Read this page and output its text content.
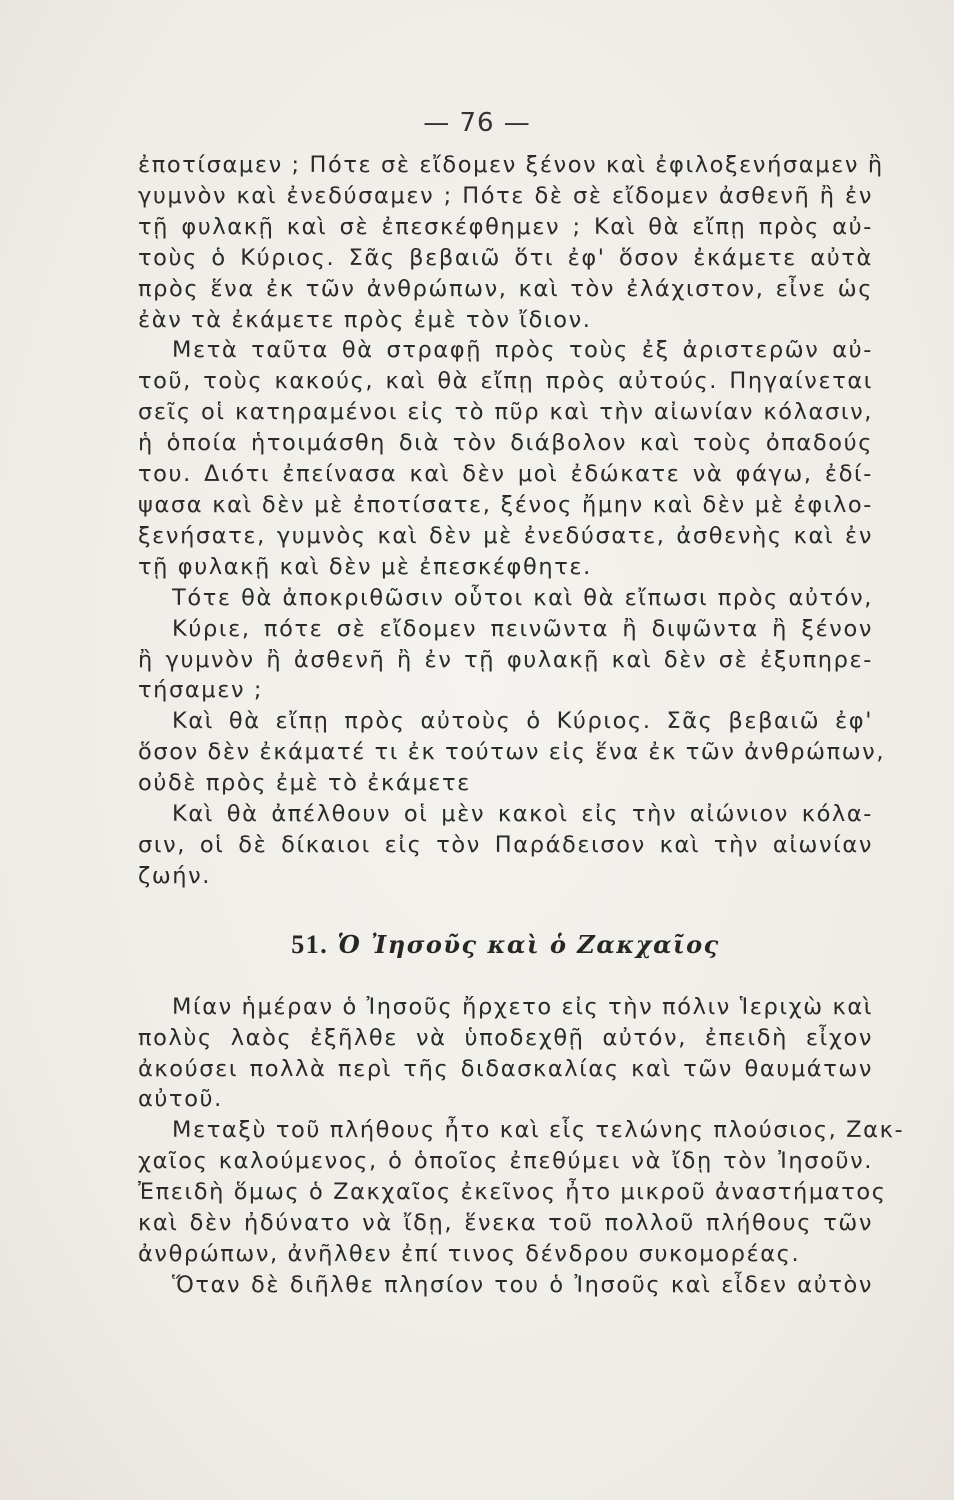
— 76 —
ἐποτίσαμεν ; Πότε σὲ εἴδομεν ξένον καὶ ἐφιλοξενήσαμεν ἢ
γυμνὸν καὶ ἐνεδύσαμεν ; Πότε δὲ σὲ εἴδομεν ἀσθενῆ ἢ ἐν
τῇ φυλακῇ καὶ σὲ ἐπεσκέφθημεν ; Καὶ θὰ εἴπῃ πρὸς αὐ-
τοὺς ὁ Κύριος. Σᾶς βεβαιῶ ὅτι ἐφ' ὅσον ἐκάμετε αὐτὰ
πρὸς ἕνα ἐκ τῶν ἀνθρώπων, καὶ τὸν ἐλάχιστον, εἶνε ὡς
ἐὰν τὰ ἐκάμετε πρὸς ἐμὲ τὸν ἴδιον.
Μετὰ ταῦτα θὰ στραφῇ πρὸς τοὺς ἐξ ἀριστερῶν αὐ-
τοῦ, τοὺς κακούς, καὶ θὰ εἴπῃ πρὸς αὐτούς. Πηγαίνεται
σεῖς οἱ κατηραμένοι εἰς τὸ πῦρ καὶ τὴν αἰωνίαν κόλασιν,
ἡ ὁποία ἡτοιμάσθη διὰ τὸν διάβολον καὶ τοὺς ὀπαδούς
του. Διότι ἐπείνασα καὶ δὲν μοὶ ἐδώκατε νὰ φάγω, ἐδί-
ψασα καὶ δὲν μὲ ἐποτίσατε, ξένος ἤμην καὶ δὲν μὲ ἐφιλο-
ξενήσατε, γυμνὸς καὶ δὲν μὲ ἐνεδύσατε, ἀσθενὴς καὶ ἐν
τῇ φυλακῇ καὶ δὲν μὲ ἐπεσκέφθητε.
Τότε θὰ ἀποκριθῶσιν οὗτοι καὶ θὰ εἴπωσι πρὸς αὐτόν,
Κύριε, πότε σὲ εἴδομεν πεινῶντα ἢ διψῶντα ἢ ξένον
ἢ γυμνὸν ἢ ἀσθενῆ ἢ ἐν τῇ φυλακῇ καὶ δὲν σὲ ἐξυπηρε-
τήσαμεν ;
Καὶ θὰ εἴπῃ πρὸς αὐτοὺς ὁ Κύριος. Σᾶς βεβαιῶ ἐφ'
ὅσον δὲν ἐκάματέ τι ἐκ τούτων εἰς ἕνα ἐκ τῶν ἀνθρώπων,
οὐδὲ πρὸς ἐμὲ τὸ ἐκάμετε
Καὶ θὰ ἀπέλθουν οἱ μὲν κακοὶ εἰς τὴν αἰώνιον κόλα-
σιν, οἱ δὲ δίκαιοι εἰς τὸν Παράδεισον καὶ τὴν αἰωνίαν
ζωήν.
51. Ὁ Ἰησοῦς καὶ ὁ Ζακχαῖος
Μίαν ἡμέραν ὁ Ἰησοῦς ἤρχετο εἰς τὴν πόλιν Ἱεριχὼ καὶ
πολὺς λαὸς ἐξῆλθε νὰ ὑποδεχθῇ αὐτόν, ἐπειδὴ εἶχον
ἀκούσει πολλὰ περὶ τῆς διδασκαλίας καὶ τῶν θαυμάτων
αὐτοῦ.
Μεταξὺ τοῦ πλήθους ἦτο καὶ εἷς τελώνης πλούσιος, Ζακ-
χαῖος καλούμενος, ὁ ὁποῖος ἐπεθύμει νὰ ἴδῃ τὸν Ἰησοῦν.
Ἐπειδὴ ὅμως ὁ Ζακχαῖος ἐκεῖνος ἦτο μικροῦ ἀναστήματος
καὶ δὲν ἠδύνατο νὰ ἴδῃ, ἕνεκα τοῦ πολλοῦ πλήθους τῶν
ἀνθρώπων, ἀνῆλθεν ἐπί τινος δένδρου συκομορέας.
Ὅταν δὲ διῆλθε πλησίον του ὁ Ἰησοῦς καὶ εἶδεν αὐτὸν
